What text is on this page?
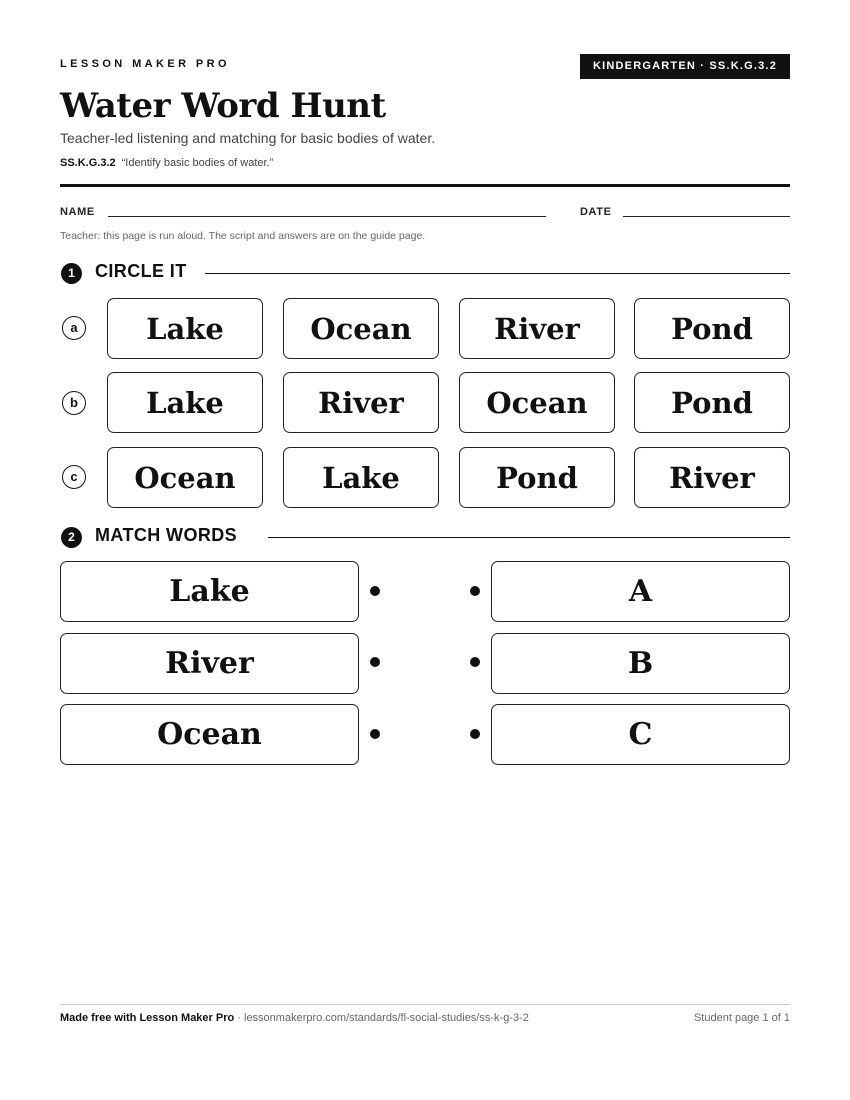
LESSON MAKER PRO	KINDERGARTEN · SS.K.G.3.2
Water Word Hunt
Teacher-led listening and matching for basic bodies of water.
SS.K.G.3.2 “Identify basic bodies of water.”
NAME	DATE
Teacher: this page is run aloud. The script and answers are on the guide page.
1	CIRCLE IT
a	Lake	Ocean	River	Pond
b	Lake	River	Ocean	Pond
c	Ocean	Lake	Pond	River
2	MATCH WORDS
Lake	A
River	B
Ocean	C
Made free with Lesson Maker Pro · lessonmakerpro.com/standards/fl-social-studies/ss-k-g-3-2	Student page 1 of 1
